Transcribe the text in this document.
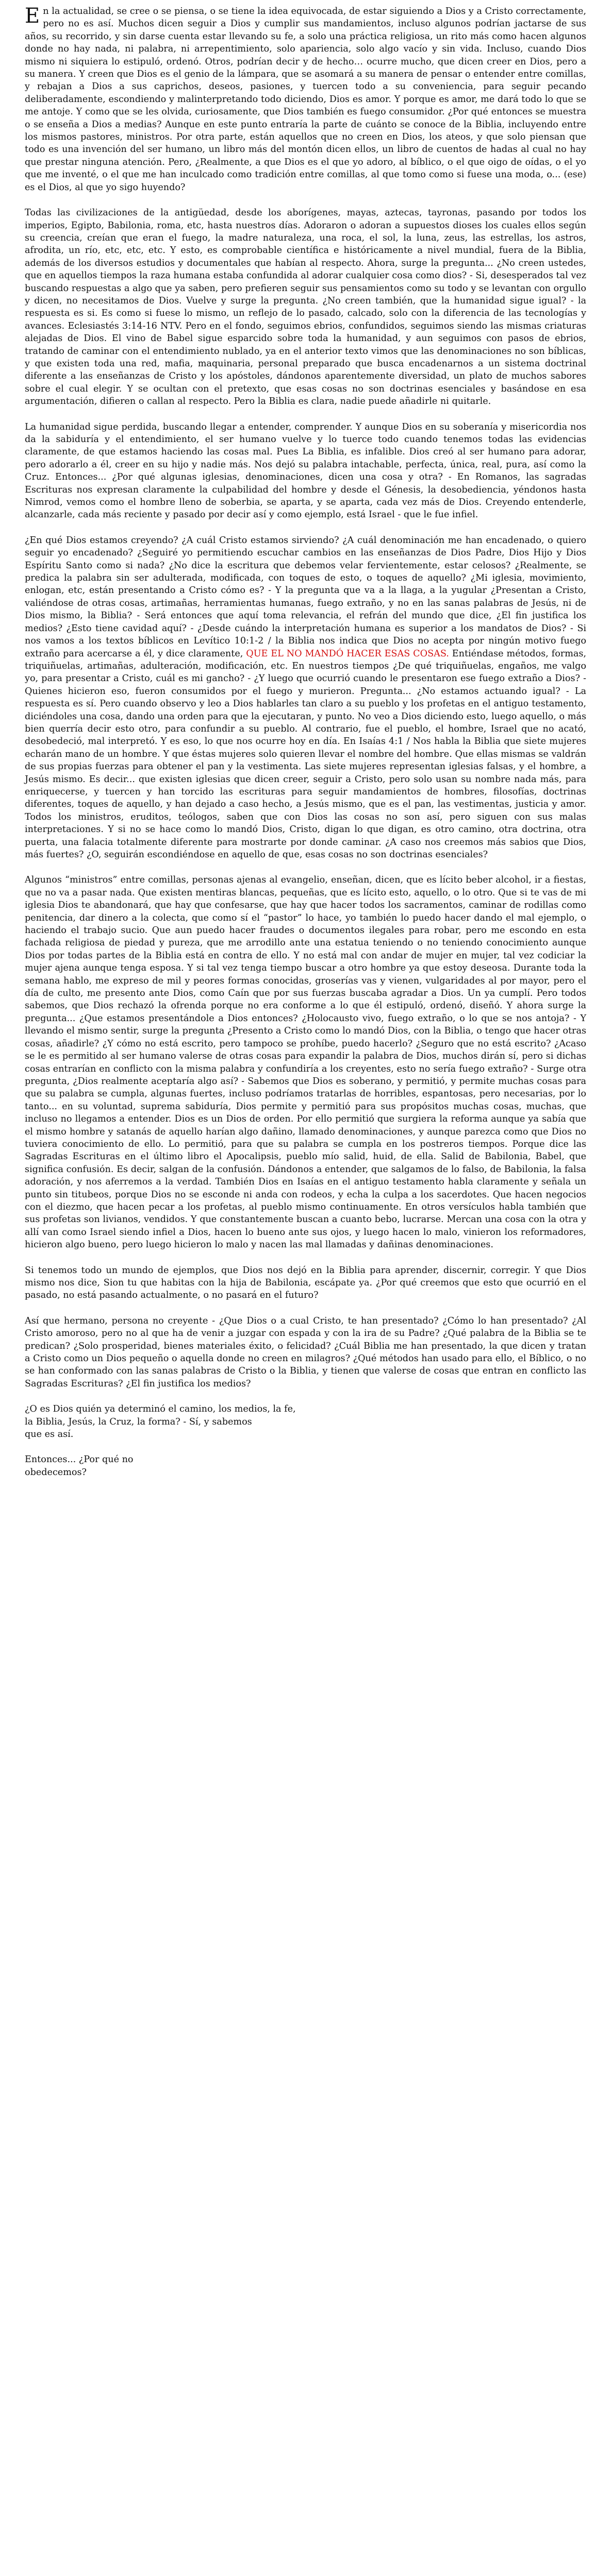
En la actualidad, se cree o se piensa, o se tiene la idea equivocada, de estar siguiendo a Dios y a Cristo correctamente, pero no es así. Muchos dicen seguir a Dios y cumplir sus mandamientos, incluso algunos podrían jactarse de sus años, su recorrido, y sin darse cuenta estar llevando su fe, a solo una práctica religiosa, un rito más como hacen algunos donde no hay nada, ni palabra, ni arrepentimiento, solo apariencia, solo algo vacío y sin vida. Incluso, cuando Dios mismo ni siquiera lo estipuló, ordenó. Otros, podrían decir y de hecho… ocurre mucho, que dicen creer en Dios, pero a su manera. Y creen que Dios es el genio de la lámpara, que se asomará a su manera de pensar o entender entre comillas, y rebajan a Dios a sus caprichos, deseos, pasiones, y tuercen todo a su conveniencia, para seguir pecando deliberadamente, escondiendo y malinterpretando todo diciendo, Dios es amor. Y porque es amor, me dará todo lo que se me antoje. Y como que se les olvida, curiosamente, que Dios también es fuego consumidor. ¿Por qué entonces se muestra o se enseña a Dios a medias? Aunque en este punto entraría la parte de cuánto se conoce de la Biblia, incluyendo entre los mismos pastores, ministros. Por otra parte, están aquellos que no creen en Dios, los ateos, y que solo piensan que todo es una invención del ser humano, un libro más del montón dicen ellos, un libro de cuentos de hadas al cual no hay que prestar ninguna atención. Pero, ¿Realmente, a que Dios es el que yo adoro, al bíblico, o el que oigo de oídas, o el yo que me inventé, o el que me han inculcado como tradición entre comillas, al que tomo como si fuese una moda, o... (ese) es el Dios, al que yo sigo huyendo?

Todas las civilizaciones de la antigüedad, desde los aborígenes, mayas, aztecas, tayronas, pasando por todos los imperios, Egipto, Babilonia, roma, etc, hasta nuestros días. Adoraron o adoran a supuestos dioses los cuales ellos según su creencia, creían que eran el fuego, la madre naturaleza, una roca, el sol, la luna, zeus, las estrellas, los astros, afrodita, un río, etc, etc, etc. Y esto, es comprobable científica e históricamente a nivel mundial, fuera de la Biblia, además de los diversos estudios y documentales que habían al respecto. Ahora, surge la pregunta... ¿No creen ustedes, que en aquellos tiempos la raza humana estaba confundida al adorar cualquier cosa como dios? - Si, desesperados tal vez buscando respuestas a algo que ya saben, pero prefieren seguir sus pensamientos como su todo y se levantan con orgullo y dicen, no necesitamos de Dios. Vuelve y surge la pregunta. ¿No creen también, que la humanidad sigue igual? - la respuesta es si. Es como si fuese lo mismo, un reflejo de lo pasado, calcado, solo con la diferencia de las tecnologías y avances. Eclesiastés 3:14-16 NTV. Pero en el fondo, seguimos ebrios, confundidos, seguimos siendo las mismas criaturas alejadas de Dios. El vino de Babel sigue esparcido sobre toda la humanidad, y aun seguimos con pasos de ebrios, tratando de caminar con el entendimiento nublado, ya en el anterior texto vimos que las denominaciones no son bíblicas, y que existen toda una red, mafia, maquinaria, personal preparado que busca encadenarnos a un sistema doctrinal diferente a las enseñanzas de Cristo y los apóstoles, dándonos aparentemente diversidad, un plato de muchos sabores sobre el cual elegir. Y se ocultan con el pretexto, que esas cosas no son doctrinas esenciales y basándose en esa argumentación, difieren o callan al respecto. Pero la Biblia es clara, nadie puede añadirle ni quitarle.

La humanidad sigue perdida, buscando llegar a entender, comprender. Y aunque Dios en su soberanía y misericordia nos da la sabiduría y el entendimiento, el ser humano vuelve y lo tuerce todo cuando tenemos todas las evidencias claramente, de que estamos haciendo las cosas mal. Pues La Biblia, es infalible. Dios creó al ser humano para adorar, pero adorarlo a él, creer en su hijo y nadie más. Nos dejó su palabra intachable, perfecta, única, real, pura, así como la Cruz. Entonces... ¿Por qué algunas iglesias, denominaciones, dicen una cosa y otra? - En Romanos, las sagradas Escrituras nos expresan claramente la culpabilidad del hombre y desde el Génesis, la desobediencia, yéndonos hasta Nimrod, vemos como el hombre lleno de soberbia, se aparta, y se aparta, cada vez más de Dios. Creyendo entenderle, alcanzarle, cada más reciente y pasado por decir así y como ejemplo, está Israel - que le fue infiel.

¿En qué Dios estamos creyendo? ¿A cuál Cristo estamos sirviendo? ¿A cuál denominación me han encadenado, o quiero seguir yo encadenado? ¿Seguiré yo permitiendo escuchar cambios en las enseñanzas de Dios Padre, Dios Hijo y Dios Espíritu Santo como si nada? ¿No dice la escritura que debemos velar fervientemente, estar celosos? ¿Realmente, se predica la palabra sin ser adulterada, modificada, con toques de esto, o toques de aquello? ¿Mi iglesia, movimiento, enlogan, etc, están presentando a Cristo cómo es? - Y la pregunta que va a la llaga, a la yugular ¿Presentan a Cristo, valiéndose de otras cosas, artimañas, herramientas humanas, fuego extraño, y no en las sanas palabras de Jesús, ni de Dios mismo, la Biblia? - Será entonces que aquí toma relevancia, el refrán del mundo que dice, ¿El fin justifica los medios? ¿Esto tiene cavidad aquí? - ¿Desde cuándo la interpretación humana es superior a los mandatos de Dios? - Si nos vamos a los textos bíblicos en Levítico 10:1-2 / la Biblia nos indica que Dios no acepta por ningún motivo fuego extraño para acercarse a él, y dice claramente, QUE EL NO MANDÓ HACER ESAS COSAS. Entiéndase métodos, formas, triquiñuelas, artimañas, adulteración, modificación, etc. En nuestros tiempos ¿De qué triquiñuelas, engaños, me valgo yo, para presentar a Cristo, cuál es mi gancho? - ¿Y luego que ocurrió cuando le presentaron ese fuego extraño a Dios? - Quienes hicieron eso, fueron consumidos por el fuego y murieron. Pregunta... ¿No estamos actuando igual? - La respuesta es sí. Pero cuando observo y leo a Dios hablarles tan claro a su pueblo y los profetas en el antiguo testamento, diciéndoles una cosa, dando una orden para que la ejecutaran, y punto. No veo a Dios diciendo esto, luego aquello, o más bien querría decir esto otro, para confundir a su pueblo. Al contrario, fue el pueblo, el hombre, Israel que no acató, desobedeció, mal interpretó. Y es eso, lo que nos ocurre hoy en día. En Isaías 4:1 / Nos habla la Biblia que siete mujeres echarán mano de un hombre. Y que éstas mujeres solo quieren llevar el nombre del hombre. Que ellas mismas se valdrán de sus propias fuerzas para obtener el pan y la vestimenta. Las siete mujeres representan iglesias falsas, y el hombre, a Jesús mismo. Es decir... que existen iglesias que dicen creer, seguir a Cristo, pero solo usan su nombre nada más, para enriquecerse, y tuercen y han torcido las escrituras para seguir mandamientos de hombres, filosofías, doctrinas diferentes, toques de aquello, y han dejado a caso hecho, a Jesús mismo, que es el pan, las vestimentas, justicia y amor. Todos los ministros, eruditos, teólogos, saben que con Dios las cosas no son así, pero siguen con sus malas interpretaciones. Y si no se hace como lo mandó Dios, Cristo, digan lo que digan, es otro camino, otra doctrina, otra puerta, una falacia totalmente diferente para mostrarte por donde caminar. ¿A caso nos creemos más sabios que Dios, más fuertes? ¿O, seguirán escondiéndose en aquello de que, esas cosas no son doctrinas esenciales?

Algunos “ministros” entre comillas, personas ajenas al evangelio, enseñan, dicen, que es lícito beber alcohol, ir a fiestas, que no va a pasar nada. Que existen mentiras blancas, pequeñas, que es lícito esto, aquello, o lo otro. Que si te vas de mi iglesia Dios te abandonará, que hay que confesarse, que hay que hacer todos los sacramentos, caminar de rodillas como penitencia, dar dinero a la colecta, que como sí el “pastor” lo hace, yo también lo puedo hacer dando el mal ejemplo, o haciendo el trabajo sucio. Que aun puedo hacer fraudes o documentos ilegales para robar, pero me escondo en esta fachada religiosa de piedad y pureza, que me arrodillo ante una estatua teniendo o no teniendo conocimiento aunque Dios por todas partes de la Biblia está en contra de ello. Y no está mal con andar de mujer en mujer, tal vez codiciar la mujer ajena aunque tenga esposa. Y si tal vez tenga tiempo buscar a otro hombre ya que estoy deseosa. Durante toda la semana hablo, me expreso de mil y peores formas conocidas, groserías vas y vienen, vulgaridades al por mayor, pero el día de culto, me presento ante Dios, como Caín que por sus fuerzas buscaba agradar a Dios. Un ya cumplí. Pero todos sabemos, que Dios rechazó la ofrenda porque no era conforme a lo que él estipuló, ordenó, diseñó. Y ahora surge la pregunta... ¿Que estamos presentándole a Dios entonces? ¿Holocausto vivo, fuego extraño, o lo que se nos antoja? - Y llevando el mismo sentir, surge la pregunta ¿Presento a Cristo como lo mandó Dios, con la Biblia, o tengo que hacer otras cosas, añadirle? ¿Y cómo no está escrito, pero tampoco se prohíbe, puedo hacerlo? ¿Seguro que no está escrito? ¿Acaso se le es permitido al ser humano valerse de otras cosas para expandir la palabra de Dios, muchos dirán sí, pero si dichas cosas entrarían en conflicto con la misma palabra y confundiría a los creyentes, esto no sería fuego extraño? - Surge otra pregunta, ¿Dios realmente aceptaría algo así? - Sabemos que Dios es soberano, y permitió, y permite muchas cosas para que su palabra se cumpla, algunas fuertes, incluso podríamos tratarlas de horribles, espantosas, pero necesarias, por lo tanto... en su voluntad, suprema sabiduría, Dios permite y permitió para sus propósitos muchas cosas, muchas, que incluso no llegamos a entender. Dios es un Dios de orden. Por ello permitió que surgiera la reforma aunque ya sabía que el mismo hombre y satanás de aquello harían algo dañino, llamado denominaciones, y aunque parezca como que Dios no tuviera conocimiento de ello. Lo permitió, para que su palabra se cumpla en los postreros tiempos. Porque dice las Sagradas Escrituras en el último libro el Apocalipsis, pueblo mío salid, huid, de ella. Salid de Babilonia, Babel, que significa confusión. Es decir, salgan de la confusión. Dándonos a entender, que salgamos de lo falso, de Babilonia, la falsa adoración, y nos aferremos a la verdad. También Dios en Isaías en el antiguo testamento habla claramente y señala un punto sin titubeos, porque Dios no se esconde ni anda con rodeos, y echa la culpa a los sacerdotes. Que hacen negocios con el diezmo, que hacen pecar a los profetas, al pueblo mismo continuamente. En otros versículos habla también que sus profetas son livianos, vendidos. Y que constantemente buscan a cuanto bebo, lucrarse. Mercan una cosa con la otra y allí van como Israel siendo infiel a Dios, hacen lo bueno ante sus ojos, y luego hacen lo malo, vinieron los reformadores, hicieron algo bueno, pero luego hicieron lo malo y nacen las mal llamadas y dañinas denominaciones.

Si tenemos todo un mundo de ejemplos, que Dios nos dejó en la Biblia para aprender, discernir, corregir. Y que Dios mismo nos dice, Sion tu que habitas con la hija de Babilonia, escápate ya. ¿Por qué creemos que esto que ocurrió en el pasado, no está pasando actualmente, o no pasará en el futuro?

Así que hermano, persona no creyente - ¿Que Dios o a cual Cristo, te han presentado? ¿Cómo lo han presentado? ¿Al Cristo amoroso, pero no al que ha de venir a juzgar con espada y con la ira de su Padre? ¿Qué palabra de la Biblia se te predican? ¿Solo prosperidad, bienes materiales éxito, o felicidad? ¿Cuál Biblia me han presentado, la que dicen y tratan a Cristo como un Dios pequeño o aquella donde no creen en milagros? ¿Qué métodos han usado para ello, el Bíblico, o no se han conformado con las sanas palabras de Cristo o la Biblia, y tienen que valerse de cosas que entran en conflicto las Sagradas Escrituras? ¿El fin justifica los medios?

¿O es Dios quién ya determinó el camino, los medios, la fe,
la Biblia, Jesús, la Cruz, la forma? - Sí, y sabemos
que es así.

Entonces... ¿Por qué no
obedecemos?
